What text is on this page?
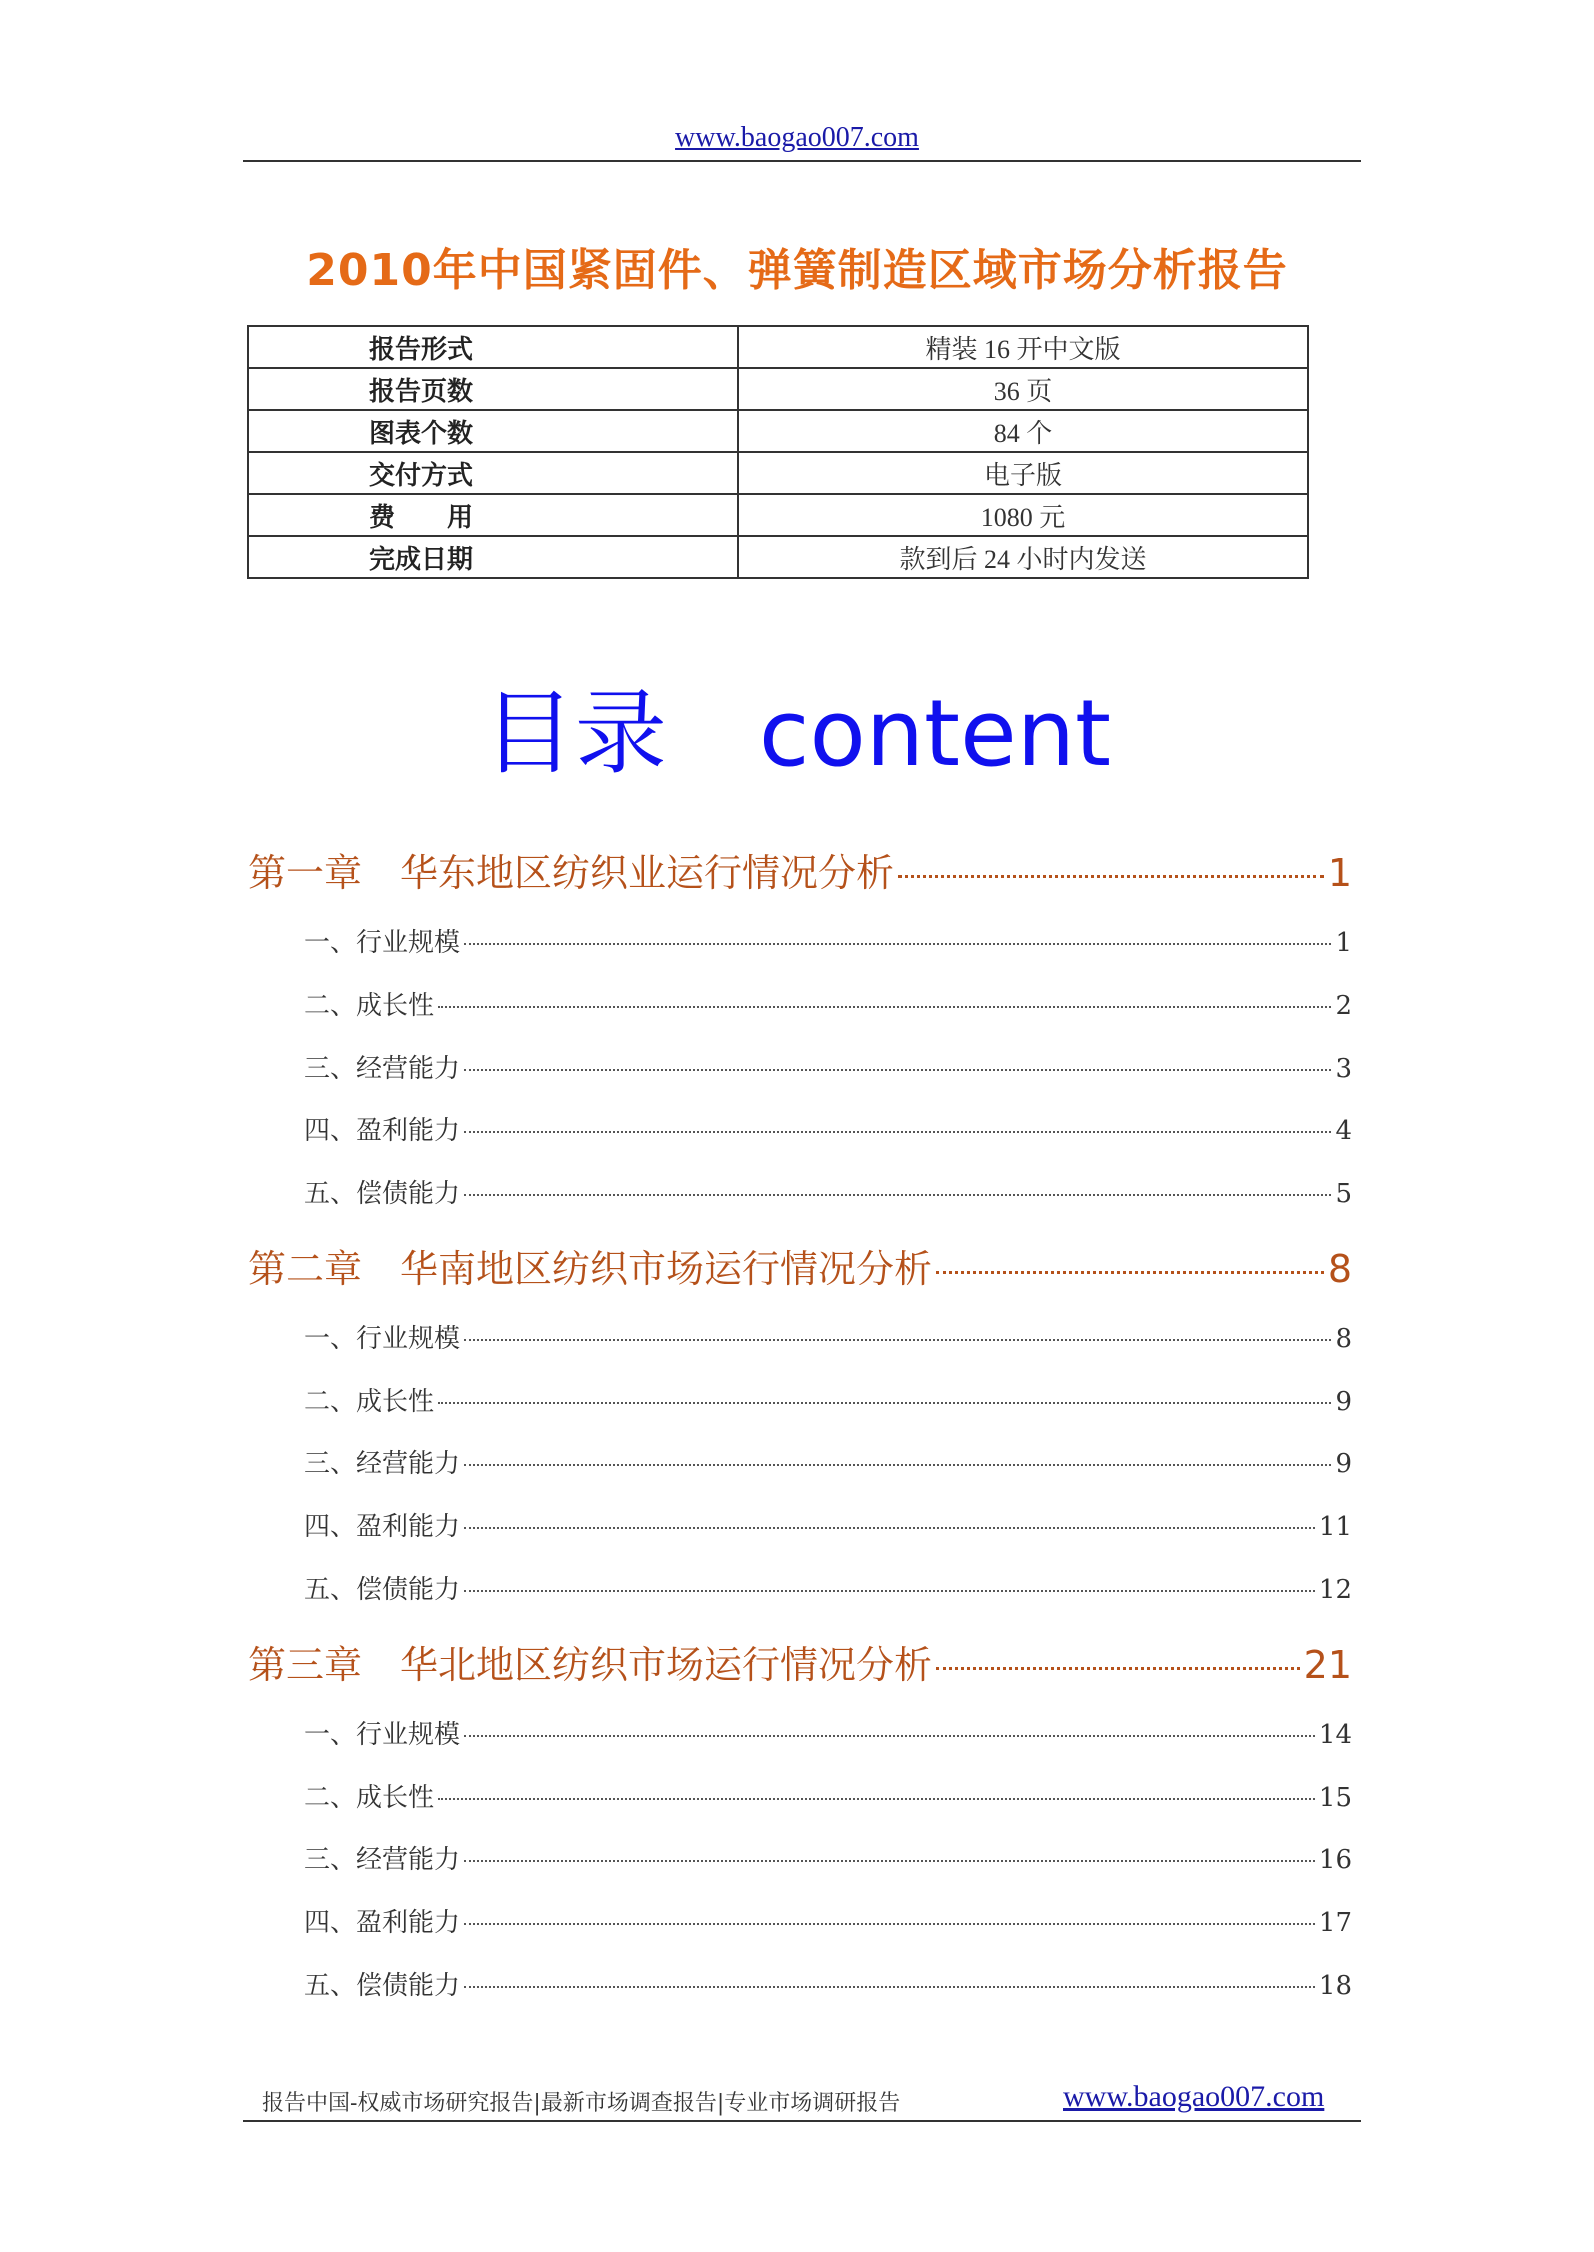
www.baogao007.com
2010年中国紧固件、弹簧制造区域市场分析报告
报告形式	精装 16 开中文版
报告页数	36 页
图表个数	84 个
交付方式	电子版
费　　用	1080 元
完成日期	款到后 24 小时内发送
目录　content
第一章　华东地区纺织业运行情况分析	1
一、行业规模	1
二、成长性	2
三、经营能力	3
四、盈利能力	4
五、偿债能力	5
第二章　华南地区纺织市场运行情况分析	8
一、行业规模	8
二、成长性	9
三、经营能力	9
四、盈利能力	11
五、偿债能力	12
第三章　华北地区纺织市场运行情况分析	21
一、行业规模	14
二、成长性	15
三、经营能力	16
四、盈利能力	17
五、偿债能力	18
报告中国-权威市场研究报告|最新市场调查报告|专业市场调研报告	www.baogao007.com
